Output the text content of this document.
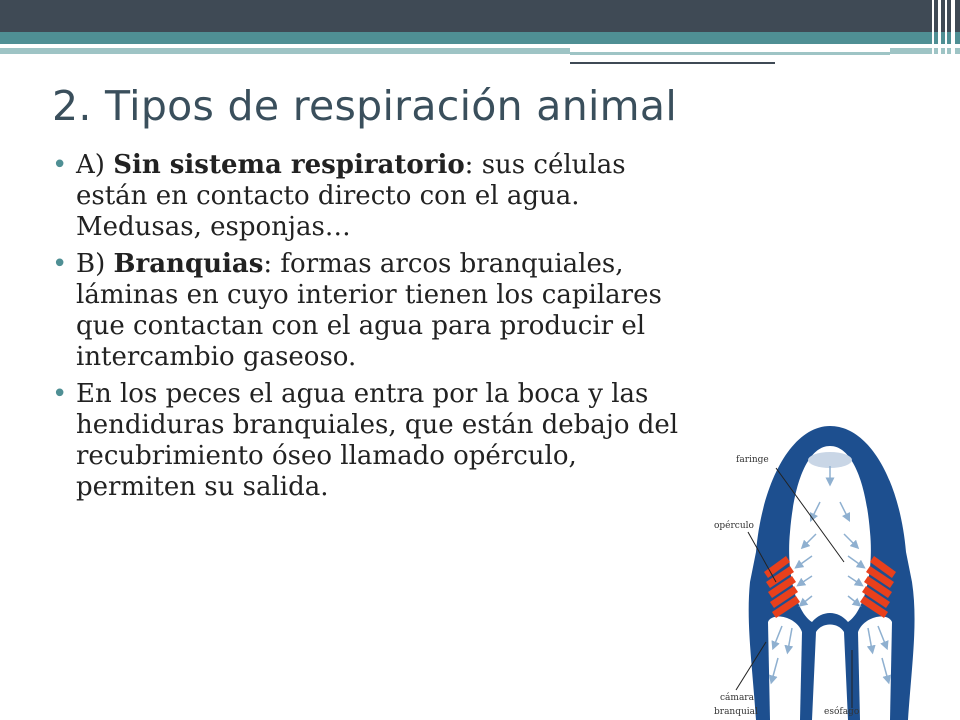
2. Tipos de respiración animal
• A) Sin sistema respiratorio: sus células están en contacto directo con el agua. Medusas, esponjas…
• B) Branquias: formas arcos branquiales, láminas en cuyo interior tienen los capilares que contactan con el agua para producir el intercambio gaseoso.
• En los peces el agua entra por la boca y las hendiduras branquiales, que están debajo del recubrimiento óseo llamado opérculo, permiten su salida.
faringe
opérculo
cámara
branquial	esófago
